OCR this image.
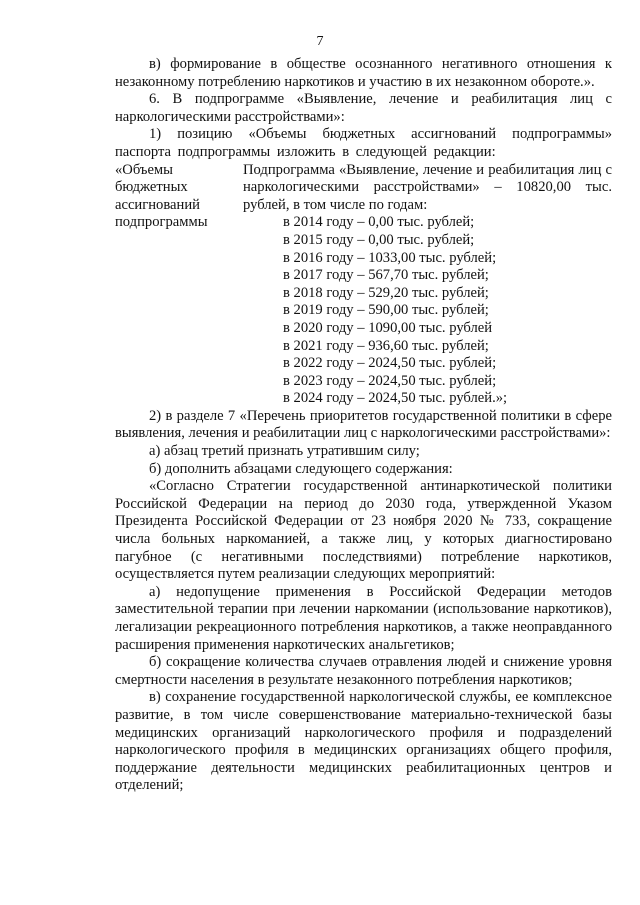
7

в) формирование в обществе осознанного негативного отношения к незаконному потреблению наркотиков и участию в их незаконном обороте.».

6. В подпрограмме «Выявление, лечение и реабилитация лиц с наркологическими расстройствами»:

1) позицию «Объемы бюджетных ассигнований подпрограммы» паспорта подпрограммы изложить в следующей редакции:

«Объемы
бюджетных
ассигнований
подпрограммы

Подпрограмма «Выявление, лечение и реабилитация лиц с наркологическими расстройствами» – 10820,00 тыс. рублей, в том числе по годам:

в 2014 году – 0,00 тыс. рублей;
в 2015 году – 0,00 тыс. рублей;
в 2016 году – 1033,00 тыс. рублей;
в 2017 году – 567,70 тыс. рублей;
в 2018 году – 529,20 тыс. рублей;
в 2019 году – 590,00 тыс. рублей;
в 2020 году – 1090,00 тыс. рублей
в 2021 году – 936,60 тыс. рублей;
в 2022 году – 2024,50 тыс. рублей;
в 2023 году – 2024,50 тыс. рублей;
в 2024 году – 2024,50 тыс. рублей.»;

2) в разделе 7 «Перечень приоритетов государственной политики в сфере выявления, лечения и реабилитации лиц с наркологическими расстройствами»:

а) абзац третий признать утратившим силу;

б) дополнить абзацами следующего содержания:

«Согласно Стратегии государственной антинаркотической политики Российской Федерации на период до 2030 года, утвержденной Указом Президента Российской Федерации от 23 ноября 2020 № 733, сокращение числа больных наркоманией, а также лиц, у которых диагностировано пагубное (с негативными последствиями) потребление наркотиков, осуществляется путем реализации следующих мероприятий:

а) недопущение применения в Российской Федерации методов заместительной терапии при лечении наркомании (использование наркотиков), легализации рекреационного потребления наркотиков, а также неоправданного расширения применения наркотических анальгетиков;

б) сокращение количества случаев отравления людей и снижение уровня смертности населения в результате незаконного потребления наркотиков;

в) сохранение государственной наркологической службы, ее комплексное развитие, в том числе совершенствование материально-технической базы медицинских организаций наркологического профиля и подразделений наркологического профиля в медицинских организациях общего профиля, поддержание деятельности медицинских реабилитационных центров и отделений;
